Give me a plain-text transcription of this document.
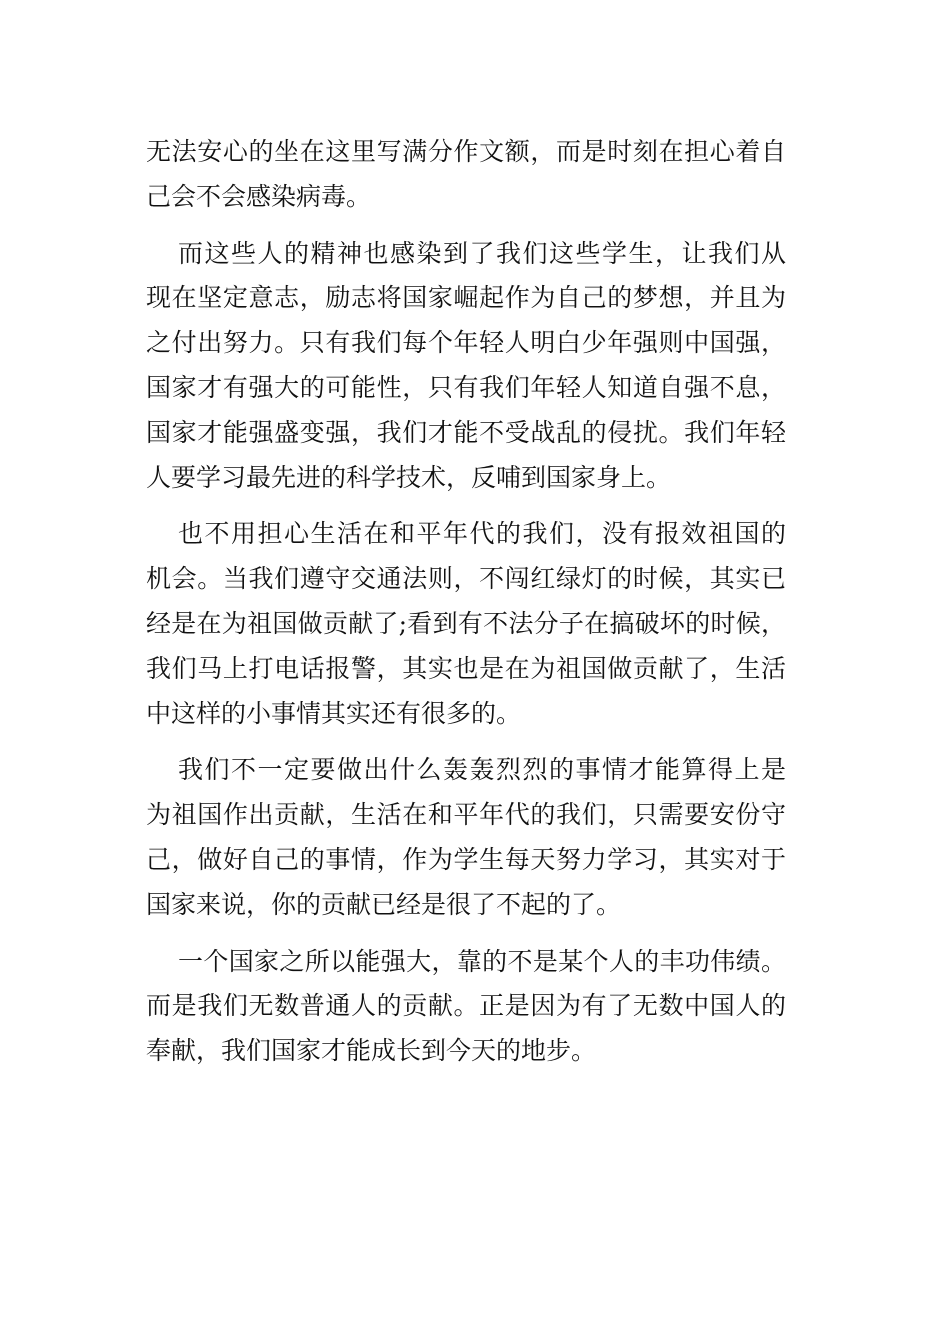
无法安心的坐在这里写满分作文额，而是时刻在担心着自
己会不会感染病毒。
而这些人的精神也感染到了我们这些学生，让我们从
现在坚定意志，励志将国家崛起作为自己的梦想，并且为
之付出努力。只有我们每个年轻人明白少年强则中国强，
国家才有强大的可能性，只有我们年轻人知道自强不息，
国家才能强盛变强，我们才能不受战乱的侵扰。我们年轻
人要学习最先进的科学技术，反哺到国家身上。
也不用担心生活在和平年代的我们，没有报效祖国的
机会。当我们遵守交通法则，不闯红绿灯的时候，其实已
经是在为祖国做贡献了;看到有不法分子在搞破坏的时候，
我们马上打电话报警，其实也是在为祖国做贡献了，生活
中这样的小事情其实还有很多的。
我们不一定要做出什么轰轰烈烈的事情才能算得上是
为祖国作出贡献，生活在和平年代的我们，只需要安份守
己，做好自己的事情，作为学生每天努力学习，其实对于
国家来说，你的贡献已经是很了不起的了。
一个国家之所以能强大，靠的不是某个人的丰功伟绩。
而是我们无数普通人的贡献。正是因为有了无数中国人的
奉献，我们国家才能成长到今天的地步。
